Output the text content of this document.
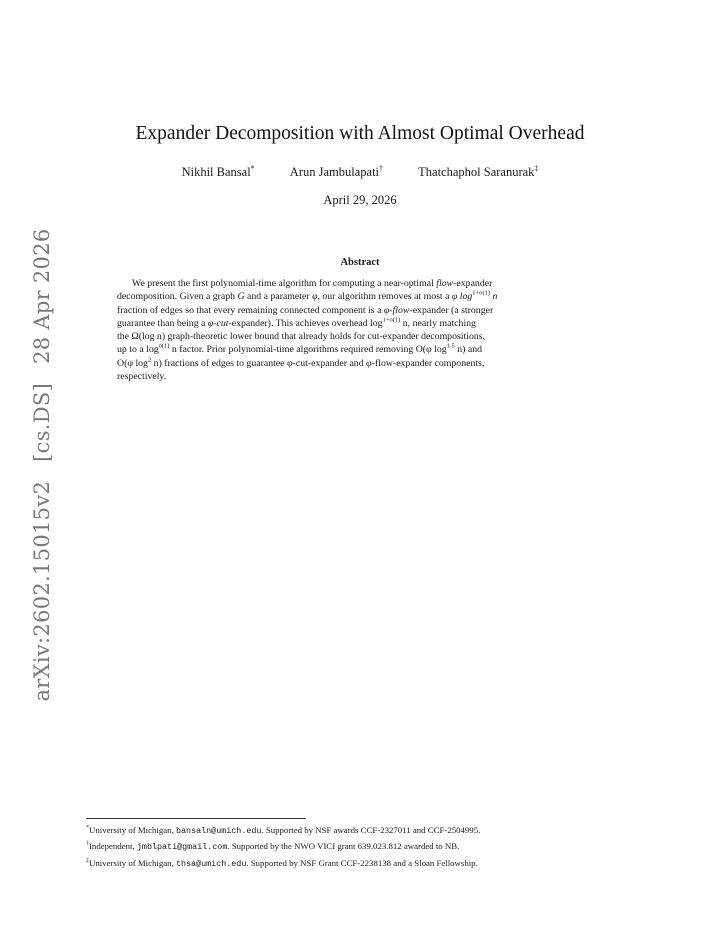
arXiv:2602.15015v2 [cs.DS] 28 Apr 2026
Expander Decomposition with Almost Optimal Overhead
Nikhil Bansal*	Arun Jambulapati†	Thatchaphol Saranurak‡
April 29, 2026
Abstract
We present the first polynomial-time algorithm for computing a near-optimal flow-expander
decomposition. Given a graph G and a parameter φ, our algorithm removes at most a φ $\log^{1+o(1)} n$
fraction of edges so that every remaining connected component is a φ-flow-expander (a stronger
guarantee than being a φ-cut-expander). This achieves overhead $\log^{1+o(1)} n$, nearly matching
the Ω(log n) graph-theoretic lower bound that already holds for cut-expander decompositions,
up to a $\log^{o(1)} n$ factor. Prior polynomial-time algorithms required removing O(φ $\log^{1.5} n$) and
O(φ $\log^2 n$) fractions of edges to guarantee φ-cut-expander and φ-flow-expander components,
respectively.
*University of Michigan, bansaln@umich.edu. Supported by NSF awards CCF-2327011 and CCF-2504995.
†Independent, jmblpati@gmail.com. Supported by the NWO VICI grant 639.023.812 awarded to NB.
‡University of Michigan, thsa@umich.edu. Supported by NSF Grant CCF-2238138 and a Sloan Fellowship.
